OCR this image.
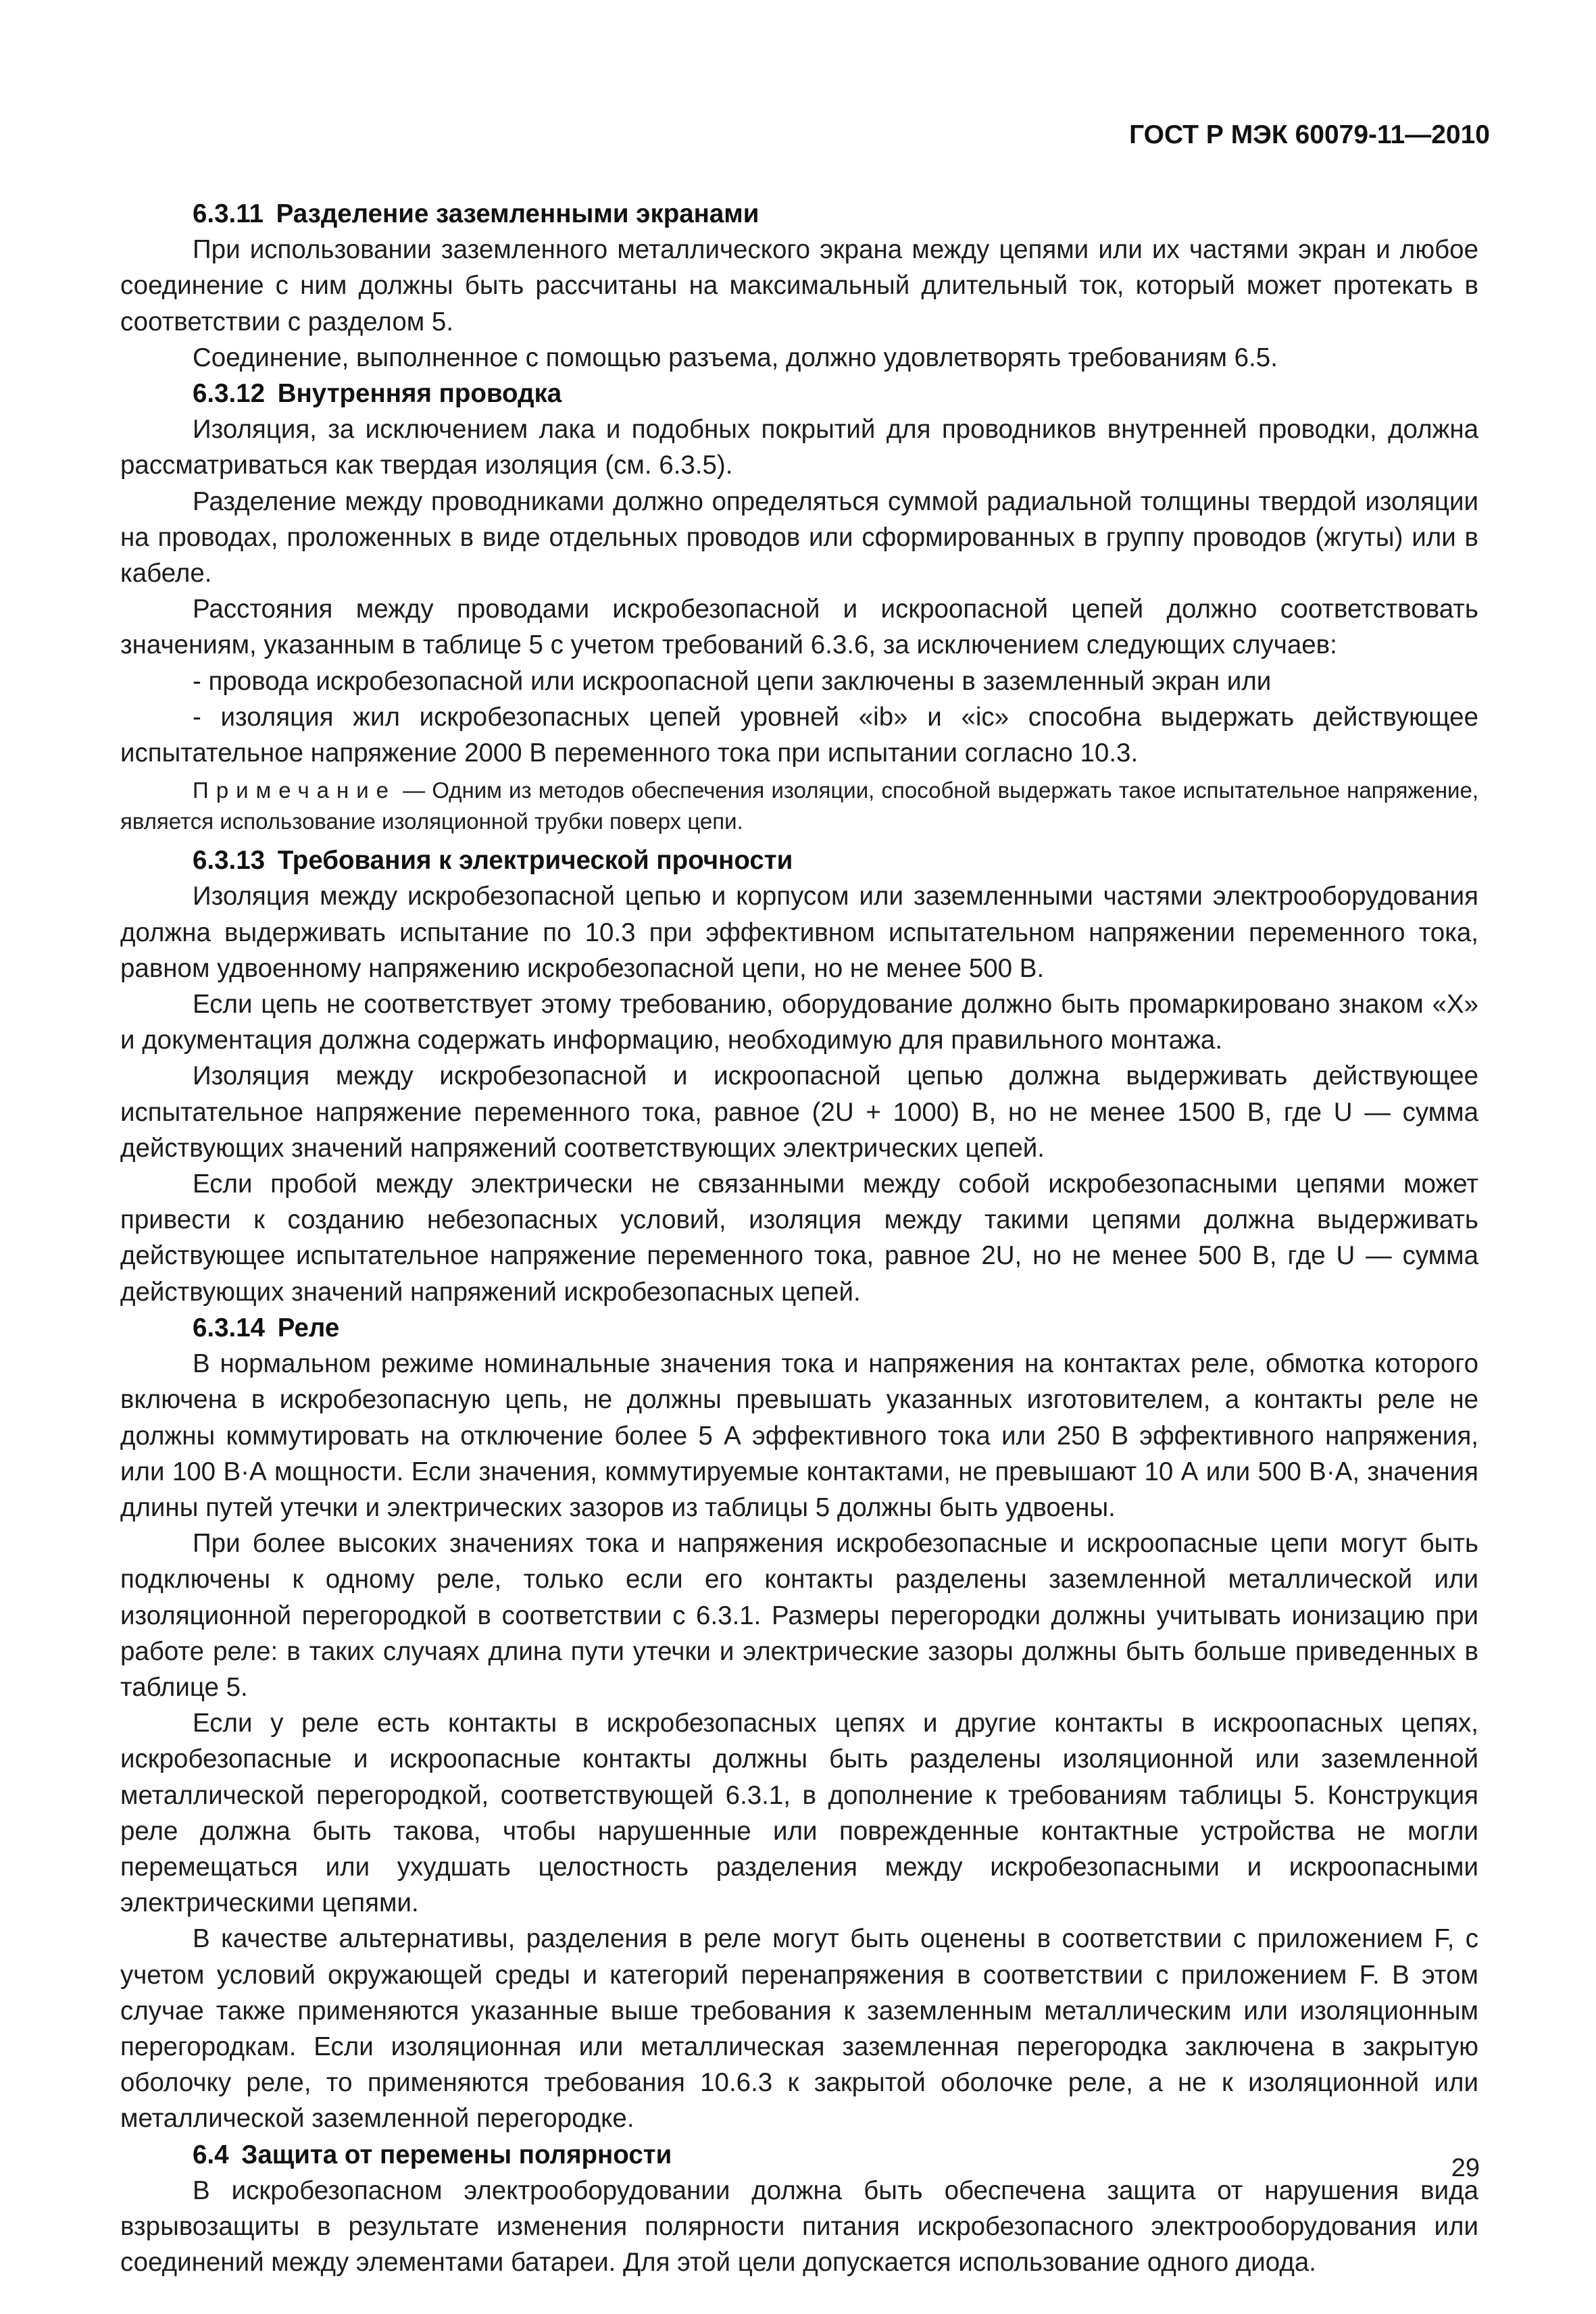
ГОСТ Р МЭК 60079-11—2010
6.3.11 Разделение заземленными экранами

При использовании заземленного металлического экрана между цепями или их частями экран и любое соединение с ним должны быть рассчитаны на максимальный длительный ток, который может протекать в соответствии с разделом 5.

Соединение, выполненное с помощью разъема, должно удовлетворять требованиям 6.5.

6.3.12 Внутренняя проводка

Изоляция, за исключением лака и подобных покрытий для проводников внутренней проводки, должна рассматриваться как твердая изоляция (см. 6.3.5).

Разделение между проводниками должно определяться суммой радиальной толщины твердой изоляции на проводах, проложенных в виде отдельных проводов или сформированных в группу проводов (жгуты) или в кабеле.

Расстояния между проводами искробезопасной и искроопасной цепей должно соответствовать значениям, указанным в таблице 5 с учетом требований 6.3.6, за исключением следующих случаев:

- провода искробезопасной или искроопасной цепи заключены в заземленный экран или

- изоляция жил искробезопасных цепей уровней «ib» и «ic» способна выдержать действующее испытательное напряжение 2000 В переменного тока при испытании согласно 10.3.

Примечание — Одним из методов обеспечения изоляции, способной выдержать такое испытательное напряжение, является использование изоляционной трубки поверх цепи.

6.3.13 Требования к электрической прочности

Изоляция между искробезопасной цепью и корпусом или заземленными частями электрооборудования должна выдерживать испытание по 10.3 при эффективном испытательном напряжении переменного тока, равном удвоенному напряжению искробезопасной цепи, но не менее 500 В.

Если цепь не соответствует этому требованию, оборудование должно быть промаркировано знаком «X» и документация должна содержать информацию, необходимую для правильного монтажа.

Изоляция между искробезопасной и искроопасной цепью должна выдерживать действующее испытательное напряжение переменного тока, равное (2U + 1000) В, но не менее 1500 В, где U — сумма действующих значений напряжений соответствующих электрических цепей.

Если пробой между электрически не связанными между собой искробезопасными цепями может привести к созданию небезопасных условий, изоляция между такими цепями должна выдерживать действующее испытательное напряжение переменного тока, равное 2U, но не менее 500 В, где U — сумма действующих значений напряжений искробезопасных цепей.

6.3.14 Реле

В нормальном режиме номинальные значения тока и напряжения на контактах реле, обмотка которого включена в искробезопасную цепь, не должны превышать указанных изготовителем, а контакты реле не должны коммутировать на отключение более 5 А эффективного тока или 250 В эффективного напряжения, или 100 В·А мощности. Если значения, коммутируемые контактами, не превышают 10 А или 500 В·А, значения длины путей утечки и электрических зазоров из таблицы 5 должны быть удвоены.

При более высоких значениях тока и напряжения искробезопасные и искроопасные цепи могут быть подключены к одному реле, только если его контакты разделены заземленной металлической или изоляционной перегородкой в соответствии с 6.3.1. Размеры перегородки должны учитывать ионизацию при работе реле: в таких случаях длина пути утечки и электрические зазоры должны быть больше приведенных в таблице 5.

Если у реле есть контакты в искробезопасных цепях и другие контакты в искроопасных цепях, искробезопасные и искроопасные контакты должны быть разделены изоляционной или заземленной металлической перегородкой, соответствующей 6.3.1, в дополнение к требованиям таблицы 5. Конструкция реле должна быть такова, чтобы нарушенные или поврежденные контактные устройства не могли перемещаться или ухудшать целостность разделения между искробезопасными и искроопасными электрическими цепями.

В качестве альтернативы, разделения в реле могут быть оценены в соответствии с приложением F, с учетом условий окружающей среды и категорий перенапряжения в соответствии с приложением F. В этом случае также применяются указанные выше требования к заземленным металлическим или изоляционным перегородкам. Если изоляционная или металлическая заземленная перегородка заключена в закрытую оболочку реле, то применяются требования 10.6.3 к закрытой оболочке реле, а не к изоляционной или металлической заземленной перегородке.

6.4 Защита от перемены полярности

В искробезопасном электрооборудовании должна быть обеспечена защита от нарушения вида взрывозащиты в результате изменения полярности питания искробезопасного электрооборудования или соединений между элементами батареи. Для этой цели допускается использование одного диода.

29
